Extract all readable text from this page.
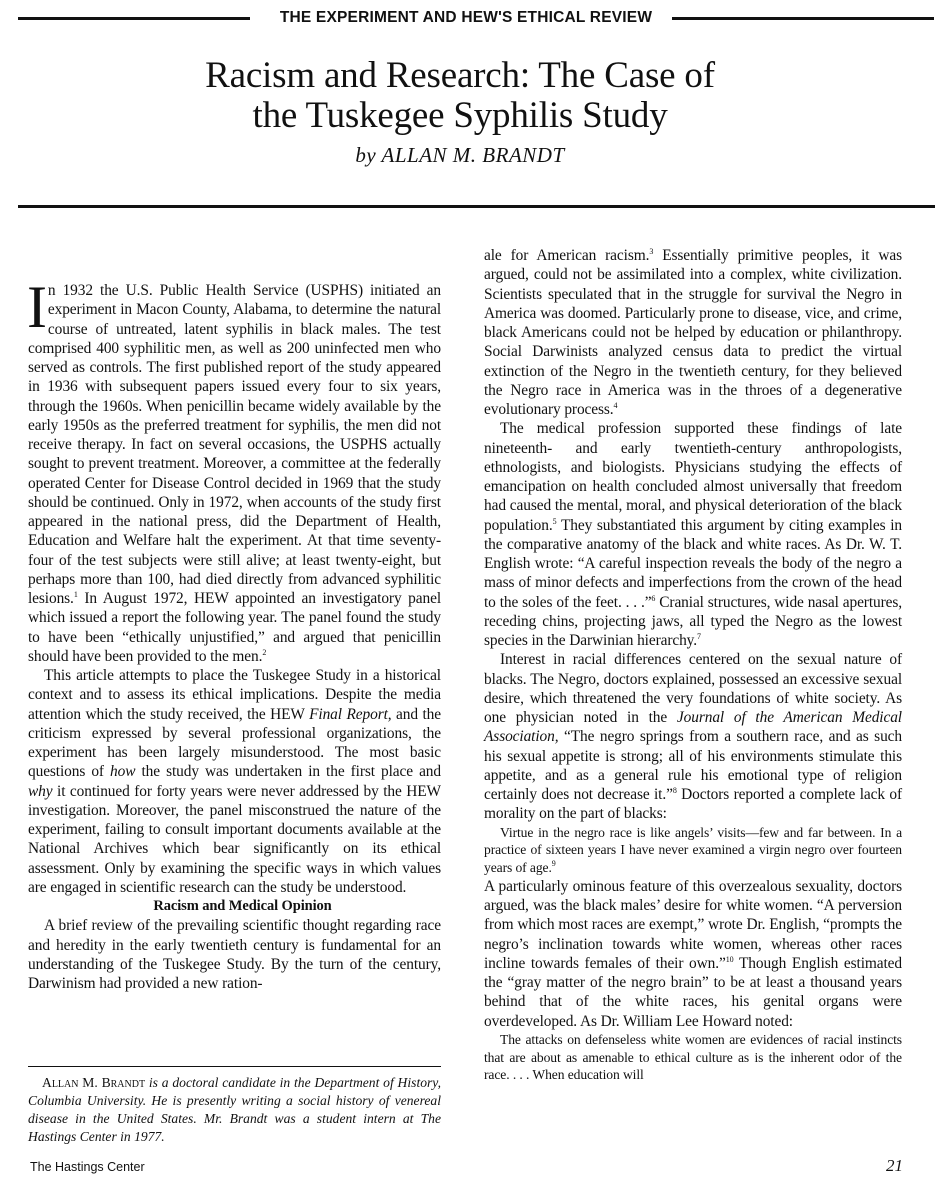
THE EXPERIMENT AND HEW'S ETHICAL REVIEW
Racism and Research: The Case of
the Tuskegee Syphilis Study
by ALLAN M. BRANDT

In 1932 the U.S. Public Health Service (USPHS) initiated an experiment in Macon County, Alabama, to determine the natural course of untreated, latent syphilis in black males. The test comprised 400 syphilitic men, as well as 200 uninfected men who served as controls. The first published report of the study appeared in 1936 with subsequent papers issued every four to six years, through the 1960s. When penicillin became widely available by the early 1950s as the preferred treatment for syphilis, the men did not receive therapy. In fact on several occasions, the USPHS actually sought to prevent treatment. Moreover, a committee at the federally operated Center for Disease Control decided in 1969 that the study should be continued. Only in 1972, when accounts of the study first appeared in the national press, did the Department of Health, Education and Welfare halt the experiment. At that time seventy-four of the test subjects were still alive; at least twenty-eight, but perhaps more than 100, had died directly from advanced syphilitic lesions.$^1$ In August 1972, HEW appointed an investigatory panel which issued a report the following year. The panel found the study to have been “ethically unjustified,” and argued that penicillin should have been provided to the men.$^2$

This article attempts to place the Tuskegee Study in a historical context and to assess its ethical implications. Despite the media attention which the study received, the HEW Final Report, and the criticism expressed by several professional organizations, the experiment has been largely misunderstood. The most basic questions of how the study was undertaken in the first place and why it continued for forty years were never addressed by the HEW investigation. Moreover, the panel misconstrued the nature of the experiment, failing to consult important documents available at the National Archives which bear significantly on its ethical assessment. Only by examining the specific ways in which values are engaged in scientific research can the study be understood.

Racism and Medical Opinion

A brief review of the prevailing scientific thought regarding race and heredity in the early twentieth century is fundamental for an understanding of the Tuskegee Study. By the turn of the century, Darwinism had provided a new ration-

Allan M. Brandt is a doctoral candidate in the Department of History, Columbia University. He is presently writing a social history of venereal disease in the United States. Mr. Brandt was a student intern at The Hastings Center in 1977.

ale for American racism.$^3$ Essentially primitive peoples, it was argued, could not be assimilated into a complex, white civilization. Scientists speculated that in the struggle for survival the Negro in America was doomed. Particularly prone to disease, vice, and crime, black Americans could not be helped by education or philanthropy. Social Darwinists analyzed census data to predict the virtual extinction of the Negro in the twentieth century, for they believed the Negro race in America was in the throes of a degenerative evolutionary process.$^4$

The medical profession supported these findings of late nineteenth- and early twentieth-century anthropologists, ethnologists, and biologists. Physicians studying the effects of emancipation on health concluded almost universally that freedom had caused the mental, moral, and physical deterioration of the black population.$^5$ They substantiated this argument by citing examples in the comparative anatomy of the black and white races. As Dr. W. T. English wrote: “A careful inspection reveals the body of the negro a mass of minor defects and imperfections from the crown of the head to the soles of the feet. . . .”$^6$ Cranial structures, wide nasal apertures, receding chins, projecting jaws, all typed the Negro as the lowest species in the Darwinian hierarchy.$^7$

Interest in racial differences centered on the sexual nature of blacks. The Negro, doctors explained, possessed an excessive sexual desire, which threatened the very foundations of white society. As one physician noted in the Journal of the American Medical Association, “The negro springs from a southern race, and as such his sexual appetite is strong; all of his environments stimulate this appetite, and as a general rule his emotional type of religion certainly does not decrease it.”$^8$ Doctors reported a complete lack of morality on the part of blacks:

Virtue in the negro race is like angels’ visits—few and far between. In a practice of sixteen years I have never examined a virgin negro over fourteen years of age.$^9$

A particularly ominous feature of this overzealous sexuality, doctors argued, was the black males’ desire for white women. “A perversion from which most races are exempt,” wrote Dr. English, “prompts the negro’s inclination towards white women, whereas other races incline towards females of their own.”$^{10}$ Though English estimated the “gray matter of the negro brain” to be at least a thousand years behind that of the white races, his genital organs were overdeveloped. As Dr. William Lee Howard noted:

The attacks on defenseless white women are evidences of racial instincts that are about as amenable to ethical culture as is the inherent odor of the race. . . . When education will

The Hastings Center	21
